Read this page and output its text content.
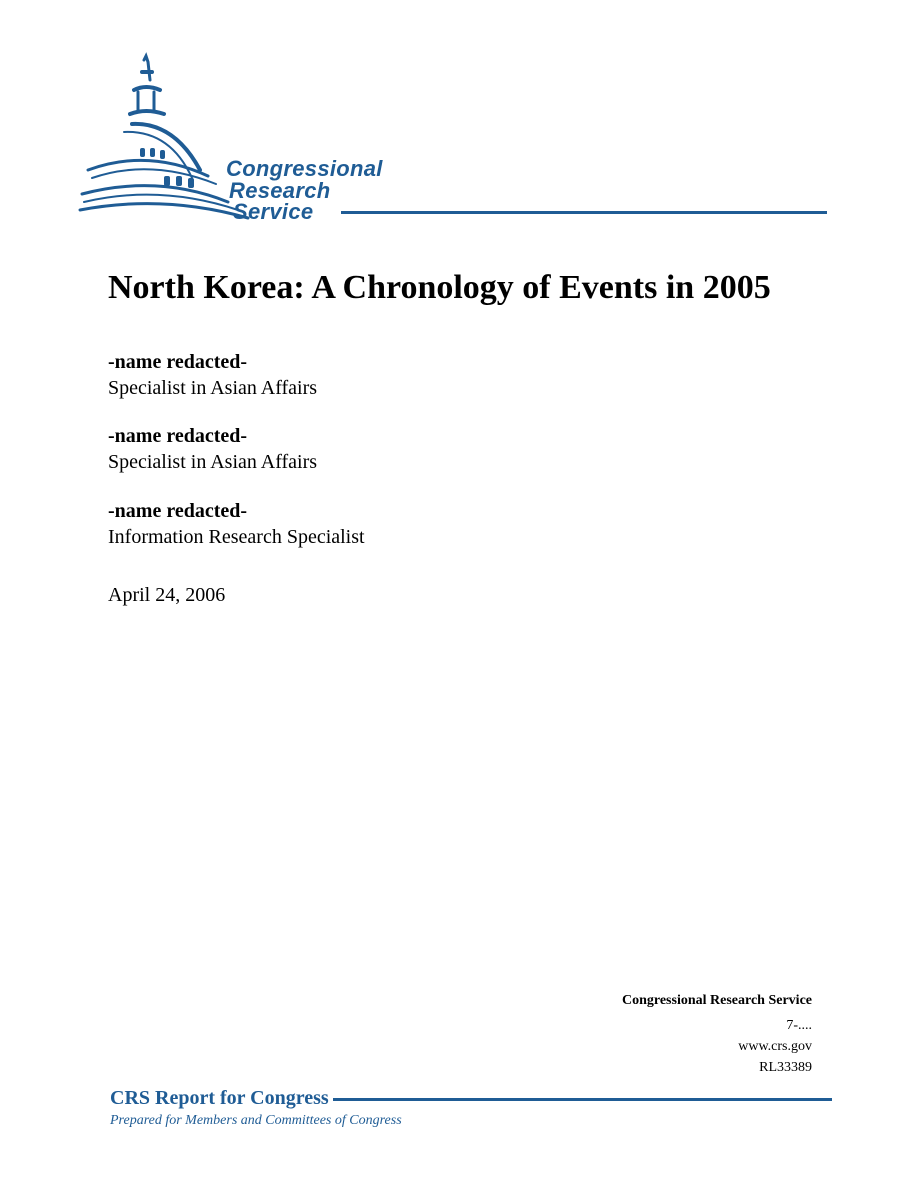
Congressional
Research
Service
North Korea: A Chronology of Events in 2005
-name redacted-
Specialist in Asian Affairs
-name redacted-
Specialist in Asian Affairs
-name redacted-
Information Research Specialist
April 24, 2006
Congressional Research Service
7-....
www.crs.gov
RL33389
CRS Report for Congress
Prepared for Members and Committees of Congress
